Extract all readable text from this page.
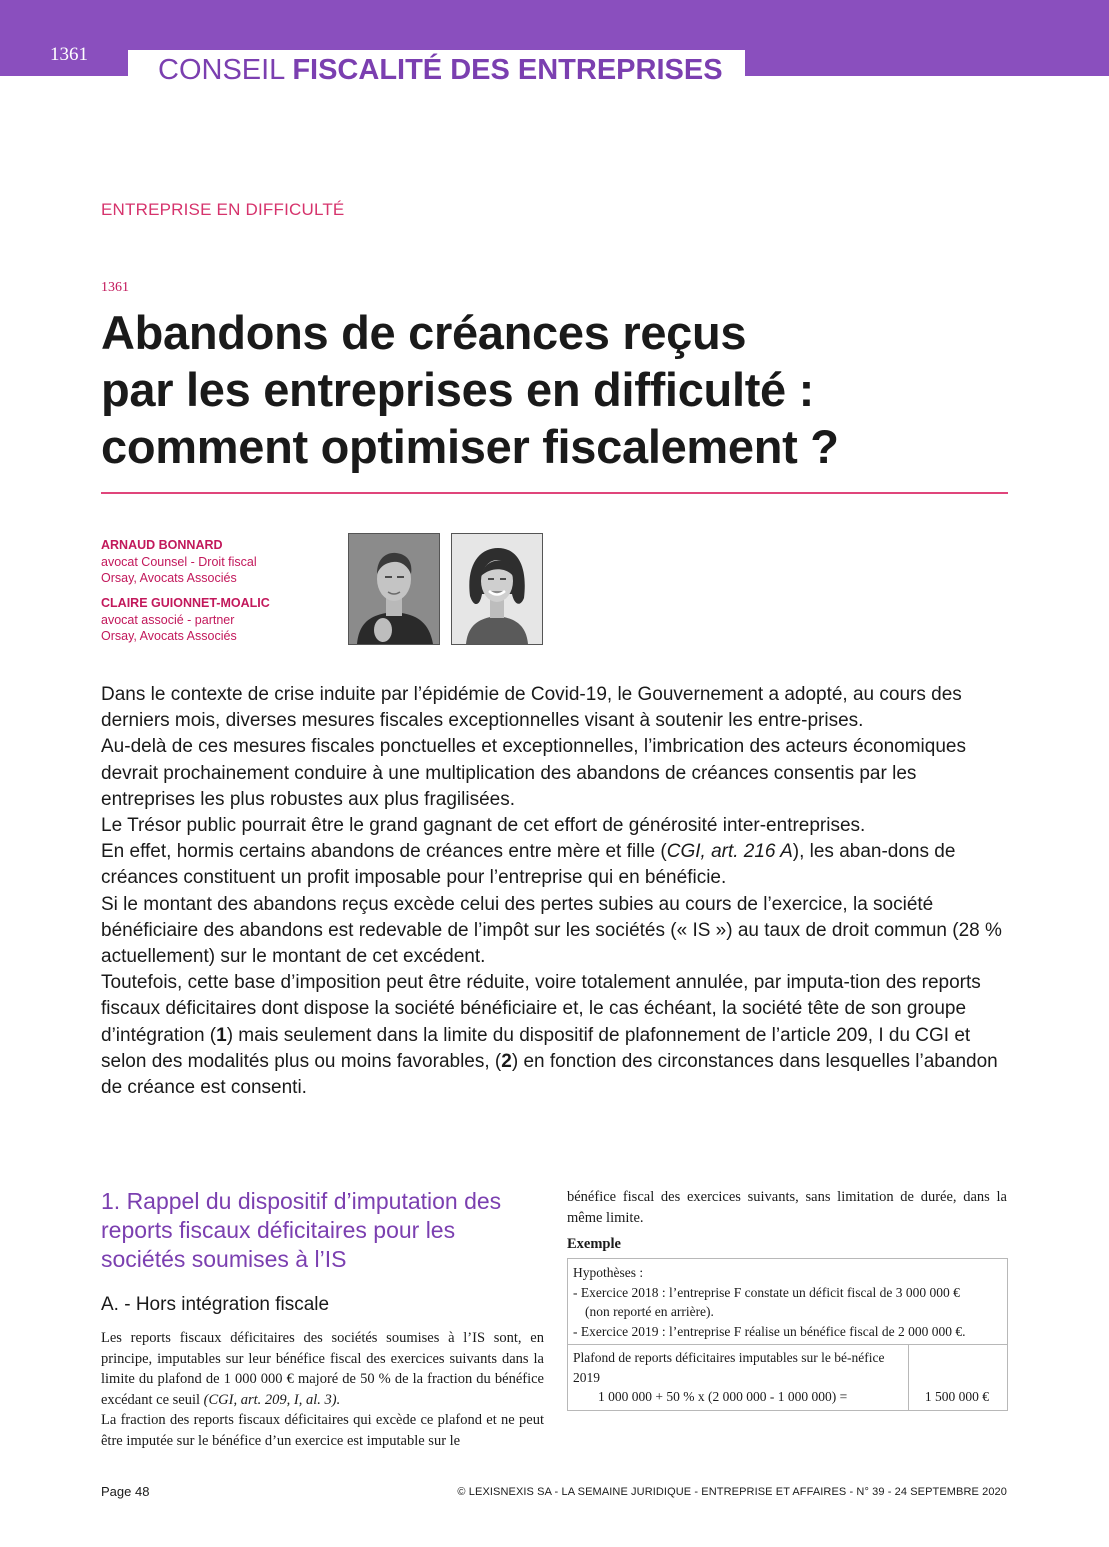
1361 CONSEIL FISCALITÉ DES ENTREPRISES
ENTREPRISE EN DIFFICULTÉ
1361
Abandons de créances reçus
par les entreprises en difficulté :
comment optimiser fiscalement ?
ARNAUD BONNARD
avocat Counsel - Droit fiscal
Orsay, Avocats Associés
CLAIRE GUIONNET-MOALIC
avocat associé - partner
Orsay, Avocats Associés

Dans le contexte de crise induite par l’épidémie de Covid-19, le Gouvernement a adopté, au cours des derniers mois, diverses mesures fiscales exceptionnelles visant à soutenir les entre-prises.

Au-delà de ces mesures fiscales ponctuelles et exceptionnelles, l’imbrication des acteurs économiques devrait prochainement conduire à une multiplication des abandons de créances consentis par les entreprises les plus robustes aux plus fragilisées.

Le Trésor public pourrait être le grand gagnant de cet effort de générosité inter-entreprises.

En effet, hormis certains abandons de créances entre mère et fille (CGI, art. 216 A), les aban-dons de créances constituent un profit imposable pour l’entreprise qui en bénéficie.

Si le montant des abandons reçus excède celui des pertes subies au cours de l’exercice, la société bénéficiaire des abandons est redevable de l’impôt sur les sociétés (« IS ») au taux de droit commun (28 % actuellement) sur le montant de cet excédent.

Toutefois, cette base d’imposition peut être réduite, voire totalement annulée, par imputa-tion des reports fiscaux déficitaires dont dispose la société bénéficiaire et, le cas échéant, la société tête de son groupe d’intégration (1) mais seulement dans la limite du dispositif de plafonnement de l’article 209, I du CGI et selon des modalités plus ou moins favorables, (2) en fonction des circonstances dans lesquelles l’abandon de créance est consenti.

1. Rappel du dispositif d’imputation des reports fiscaux déficitaires pour les sociétés soumises à l’IS
A. - Hors intégration fiscale

Les reports fiscaux déficitaires des sociétés soumises à l’IS sont, en principe, imputables sur leur bénéfice fiscal des exercices suivants dans la limite du plafond de 1 000 000 € majoré de 50 % de la fraction du bénéfice excédant ce seuil (CGI, art. 209, I, al. 3).

La fraction des reports fiscaux déficitaires qui excède ce plafond et ne peut être imputée sur le bénéfice d’un exercice est imputable sur le

bénéfice fiscal des exercices suivants, sans limitation de durée, dans la même limite.

Exemple
Hypothèses :
- Exercice 2018 : l’entreprise F constate un déficit fiscal de 3 000 000 €
(non reporté en arrière).
- Exercice 2019 : l’entreprise F réalise un bénéfice fiscal de 2 000 000 €.
Plafond de reports déficitaires imputables sur le bé-néfice 2019
1 000 000 + 50 % x (2 000 000 - 1 000 000) =	1 500 000 €
Page 48	© LEXISNEXIS SA - LA SEMAINE JURIDIQUE - ENTREPRISE ET AFFAIRES - N° 39 - 24 SEPTEMBRE 2020
